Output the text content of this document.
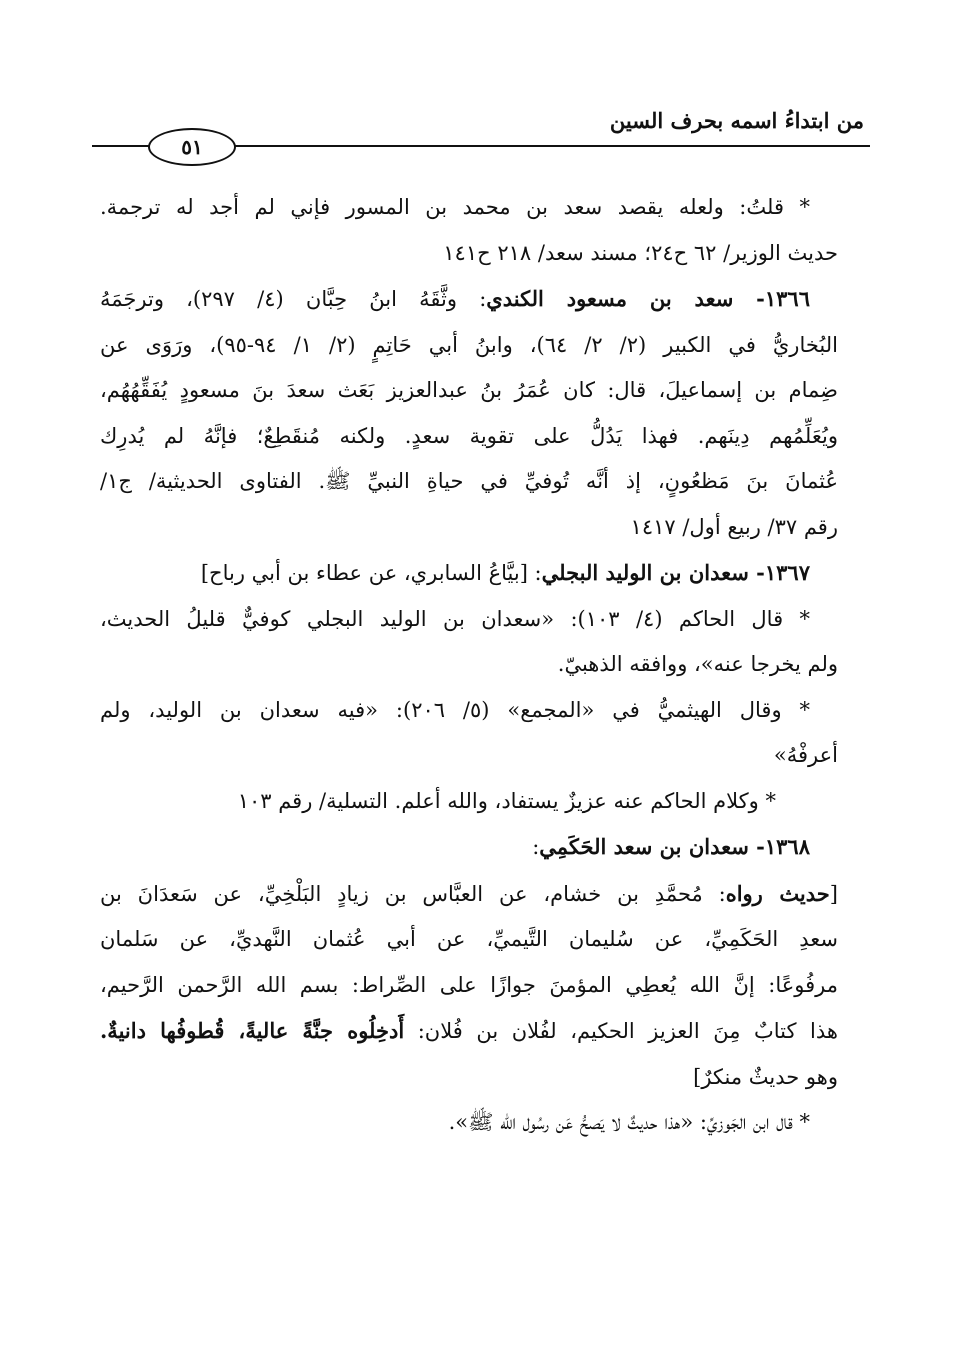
من ابتداءُ اسمه بحرف السين
٥١
* قلتُ: ولعله يقصد سعد بن محمد بن المسور فإني لم أجد له ترجمة.
حديث الوزير/ ٦٢ ح٢٤؛ مسند سعد/ ٢١٨ ح١٤١
١٣٦٦- سعد بن مسعود الكندي: وثَّقَهُ ابنُ حِبَّان (٤/ ٢٩٧)، وترجَمَهُ
البُخاريُّ في الكبير (٢/ ٢/ ٦٤)، وابنُ أبي حَاتِمٍ (٢/ ١/ ٩٤-٩٥)، ورَوَى عن
ضِمام بن إسماعيلَ، قال: كان عُمَرُ بنُ عبدالعزيز بَعَث سعدَ بنَ مسعودٍ يُفَقِّهُهُم،
ويُعَلِّمُهم دِينَهم. فهذا يَدُلُّ على تقوية سعدٍ. ولكنه مُنقَطِعٌ؛ فإنَّهُ لم يُدرِك
عُثمانَ بنَ مَظعُونٍ، إذ أنَّه تُوفيِّ في حياةِ النبيِّ ﷺ. الفتاوى الحديثية/ ج١/
رقم ٣٧/ ربيع أول/ ١٤١٧
١٣٦٧- سعدان بن الوليد البجلي: [بيَّاعُ السابري، عن عطاء بن أبي رباح]
* قال الحاكم (٤/ ١٠٣): «سعدان بن الوليد البجلي كوفيٌّ قليلُ الحديث،
ولم يخرجا عنه»، ووافقه الذهبيّ.
* وقال الهيثميُّ في «المجمع» (٥/ ٢٠٦): «فيه سعدان بن الوليد، ولم
أعرفْهُ»
* وكلام الحاكم عنه عزيزٌ يستفاد، والله أعلم. التسلية/ رقم ١٠٣
١٣٦٨- سعدان بن سعد الحَكَمِي:
[حديث رواه: مُحمَّدِ بن خشام، عن العبَّاس بن زيادٍ البَلْخِيِّ، عن سَعدَانَ بن
سعدِ الحَكَمِيِّ، عن سُليمان التَّيميِّ، عن أبي عُثمان النَّهديِّ، عن سَلمان
مرفُوعًا: إنَّ الله يُعطِي المؤمنَ جوازًا على الصِّراط: بسم الله الرَّحمن الرَّحيم،
هذا كتابٌ مِنَ العزيز الحكيم، لفُلان بن فُلان: أَدخِلُوه جنَّةً عاليةً، قُطوفُها دانيةٌ.
وهو حديثٌ منكرٌ]
* قال ابن الجَوزيِّ: «هذا حديثٌ لا يَصحُّ عَن رسُول الله ﷺ».
